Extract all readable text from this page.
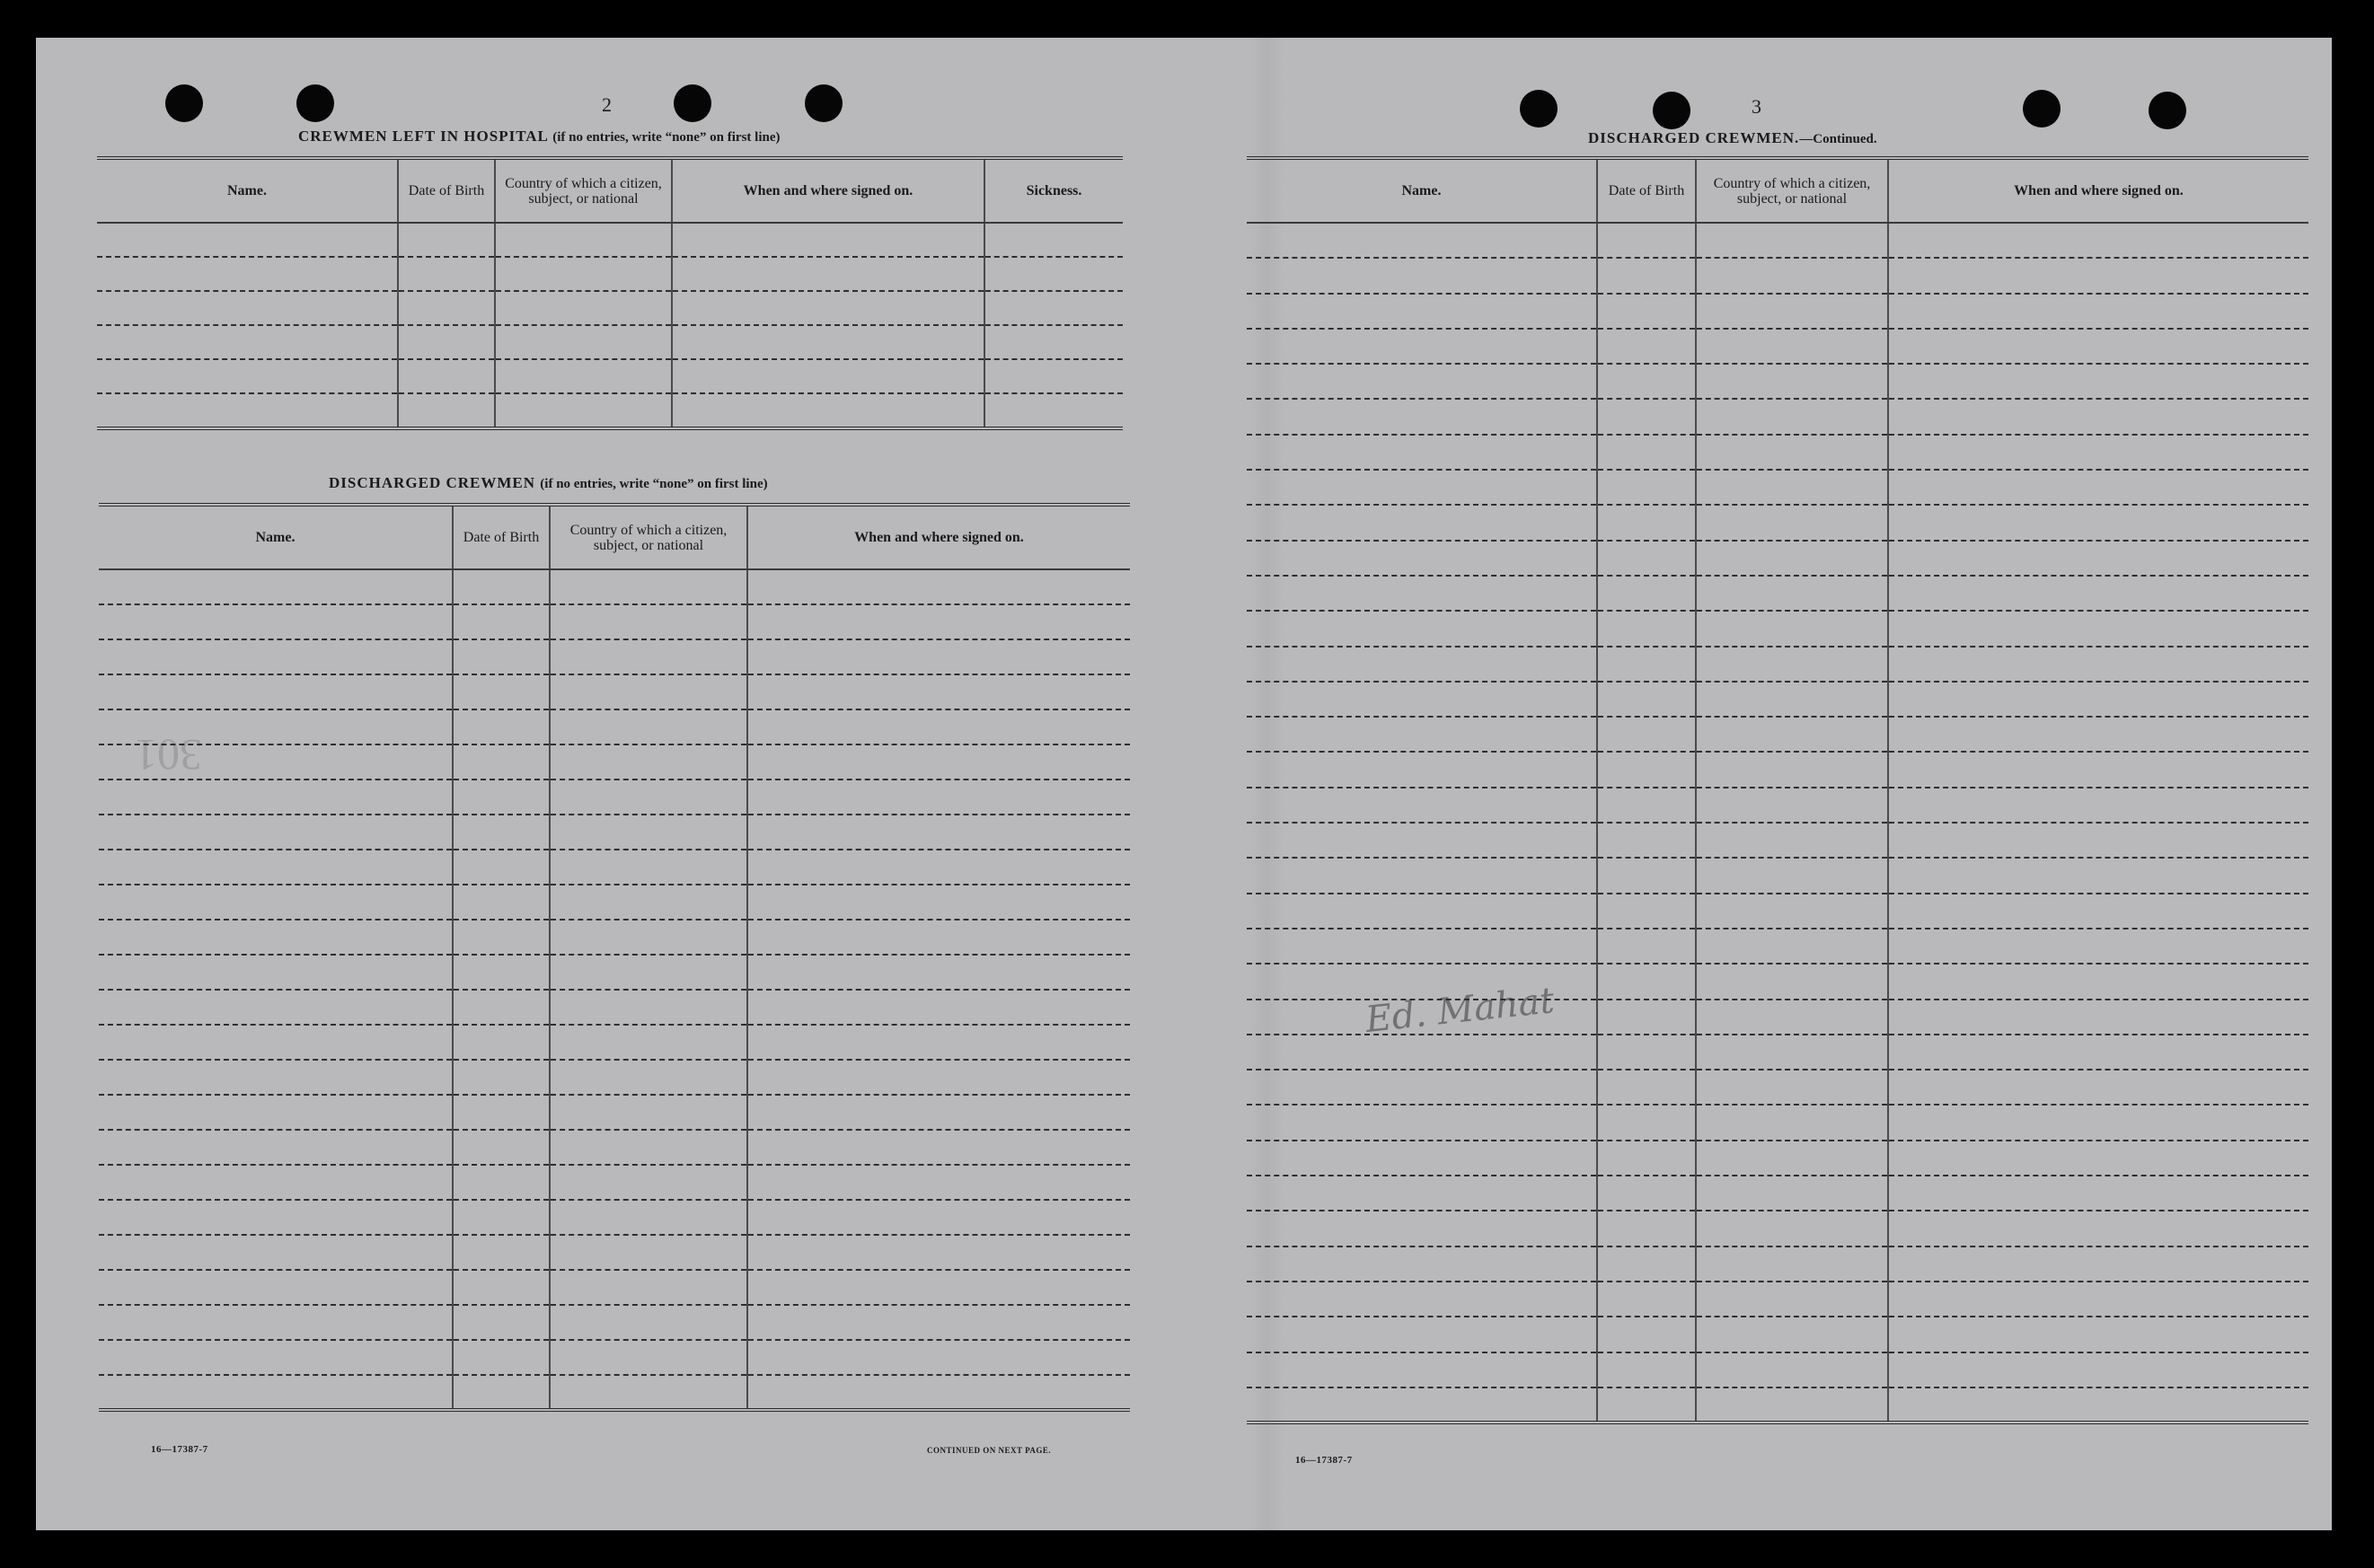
301
Ed. Mahat
2
CREWMEN LEFT IN HOSPITAL (if no entries, write “none” on first line)
Name.	Date of Birth	Country of which a citizen, subject, or national	When and where signed on.	Sickness.

DISCHARGED CREWMEN (if no entries, write “none” on first line)
Name.	Date of Birth	Country of which a citizen, subject, or national	When and where signed on.

16—17387-7	CONTINUED ON NEXT PAGE.
3
DISCHARGED CREWMEN.—Continued.
Name.	Date of Birth	Country of which a citizen, subject, or national	When and where signed on.

16—17387-7
